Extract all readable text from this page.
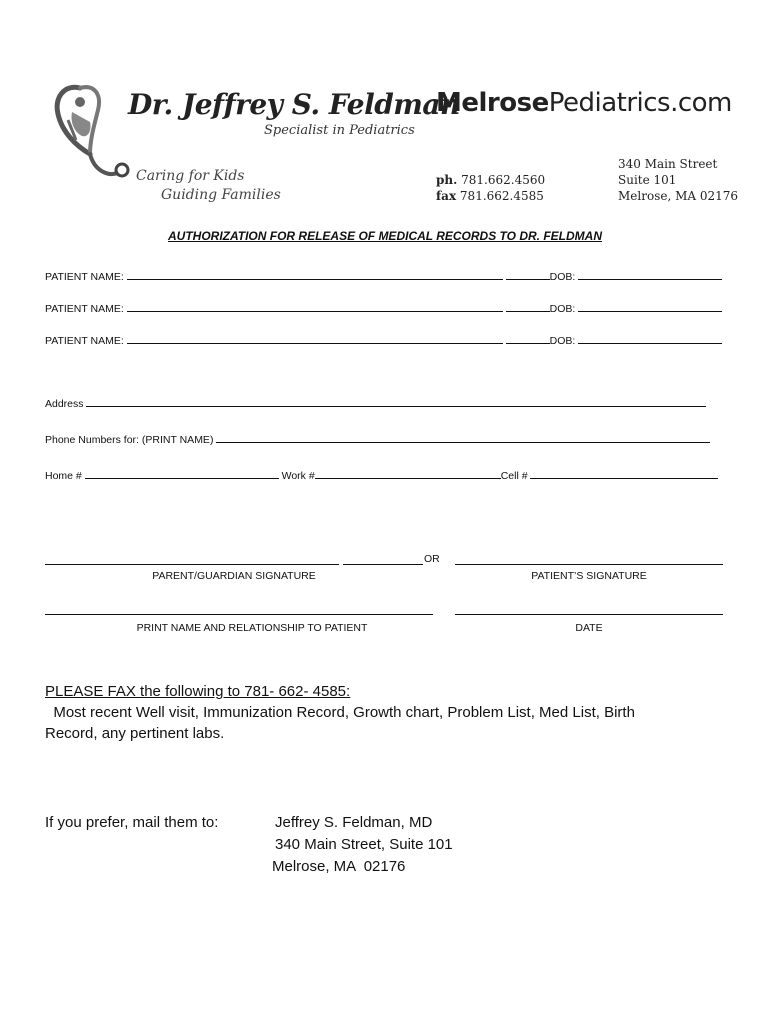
Dr. Jeffrey S. Feldman
MelrosePediatrics.com
Specialist in Pediatrics
Caring for Kids
Guiding Families
ph. 781.662.4560
fax 781.662.4585
340 Main Street
Suite 101
Melrose, MA 02176
AUTHORIZATION FOR RELEASE OF MEDICAL RECORDS TO DR. FELDMAN
PATIENT NAME:	DOB:
PATIENT NAME:	DOB:
PATIENT NAME:	DOB:
Address
Phone Numbers for: (PRINT NAME)
Home #	Work #	Cell #
OR
PARENT/GUARDIAN SIGNATURE	PATIENT’S SIGNATURE
PRINT NAME AND RELATIONSHIP TO PATIENT	DATE
PLEASE FAX the following to 781- 662- 4585:
Most recent Well visit, Immunization Record, Growth chart, Problem List, Med List, Birth
Record, any pertinent labs.
If you prefer, mail them to:	Jeffrey S. Feldman, MD
340 Main Street, Suite 101
Melrose, MA  02176
